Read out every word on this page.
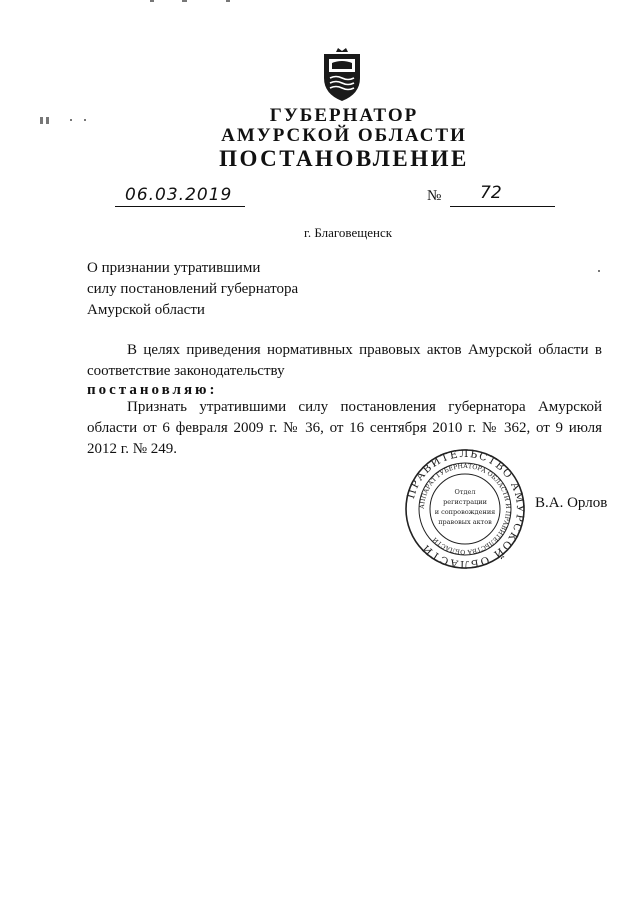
ГУБЕРНАТОР
АМУРСКОЙ ОБЛАСТИ
ПОСТАНОВЛЕНИЕ
06.03.2019	№ 72
г. Благовещенск
О признании утратившими
силу постановлений губернатора
Амурской области
В целях приведения нормативных правовых актов Амурской области в
соответствие законодательству
постановляю:
Признать утратившими силу постановления губернатора Амурской
области от 6 февраля 2009 г. № 36, от 16 сентября 2010 г. № 362, от 9 июля
2012 г. № 249.
ПРАВИТЕЛЬСТВО АМУРСКОЙ ОБЛАСТИ
АППАРАТ ГУБЕРНАТОРА ОБЛАСТИ И ПРАВИТЕЛЬСТВА ОБЛАСТИ
Отдел
регистрации
и сопровождения
правовых актов
В.А. Орлов
